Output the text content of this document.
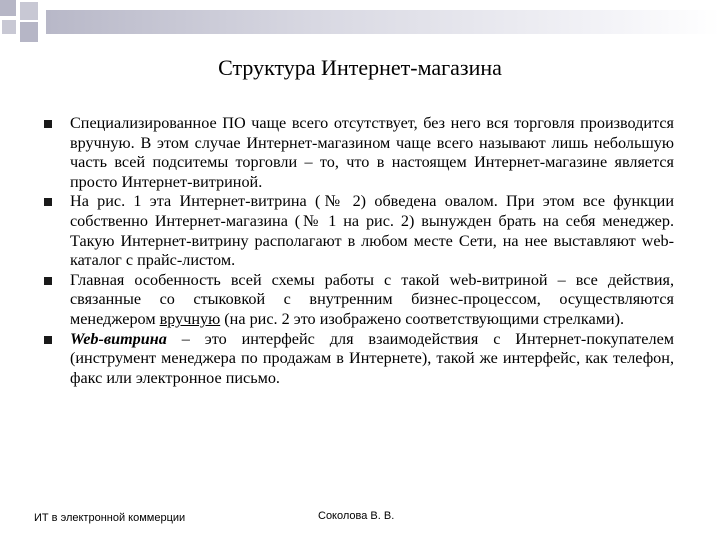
Структура Интернет-магазина
Специализированное ПО чаще всего отсутствует, без него вся торговля производится вручную. В этом случае Интернет-магазином чаще всего называют лишь небольшую часть всей подситемы торговли – то, что в настоящем Интернет-магазине является просто Интернет-витриной.
На рис. 1 эта Интернет-витрина (№ 2) обведена овалом. При этом все функции собственно Интернет-магазина (№ 1 на рис. 2) вынужден брать на себя менеджер. Такую Интернет-витрину располагают в любом месте Сети, на нее выставляют web-каталог с прайс-листом.
Главная особенность всей схемы работы с такой web-витриной – все действия, связанные со стыковкой с внутренним бизнес-процессом, осуществляются менеджером вручную (на рис. 2 это изображено соответствующими стрелками).
Web-витрина – это интерфейс для взаимодействия с Интернет-покупателем (инструмент менеджера по продажам в Интернете), такой же интерфейс, как телефон, факс или электронное письмо.
ИТ в электронной коммерции	Соколова В. В.
